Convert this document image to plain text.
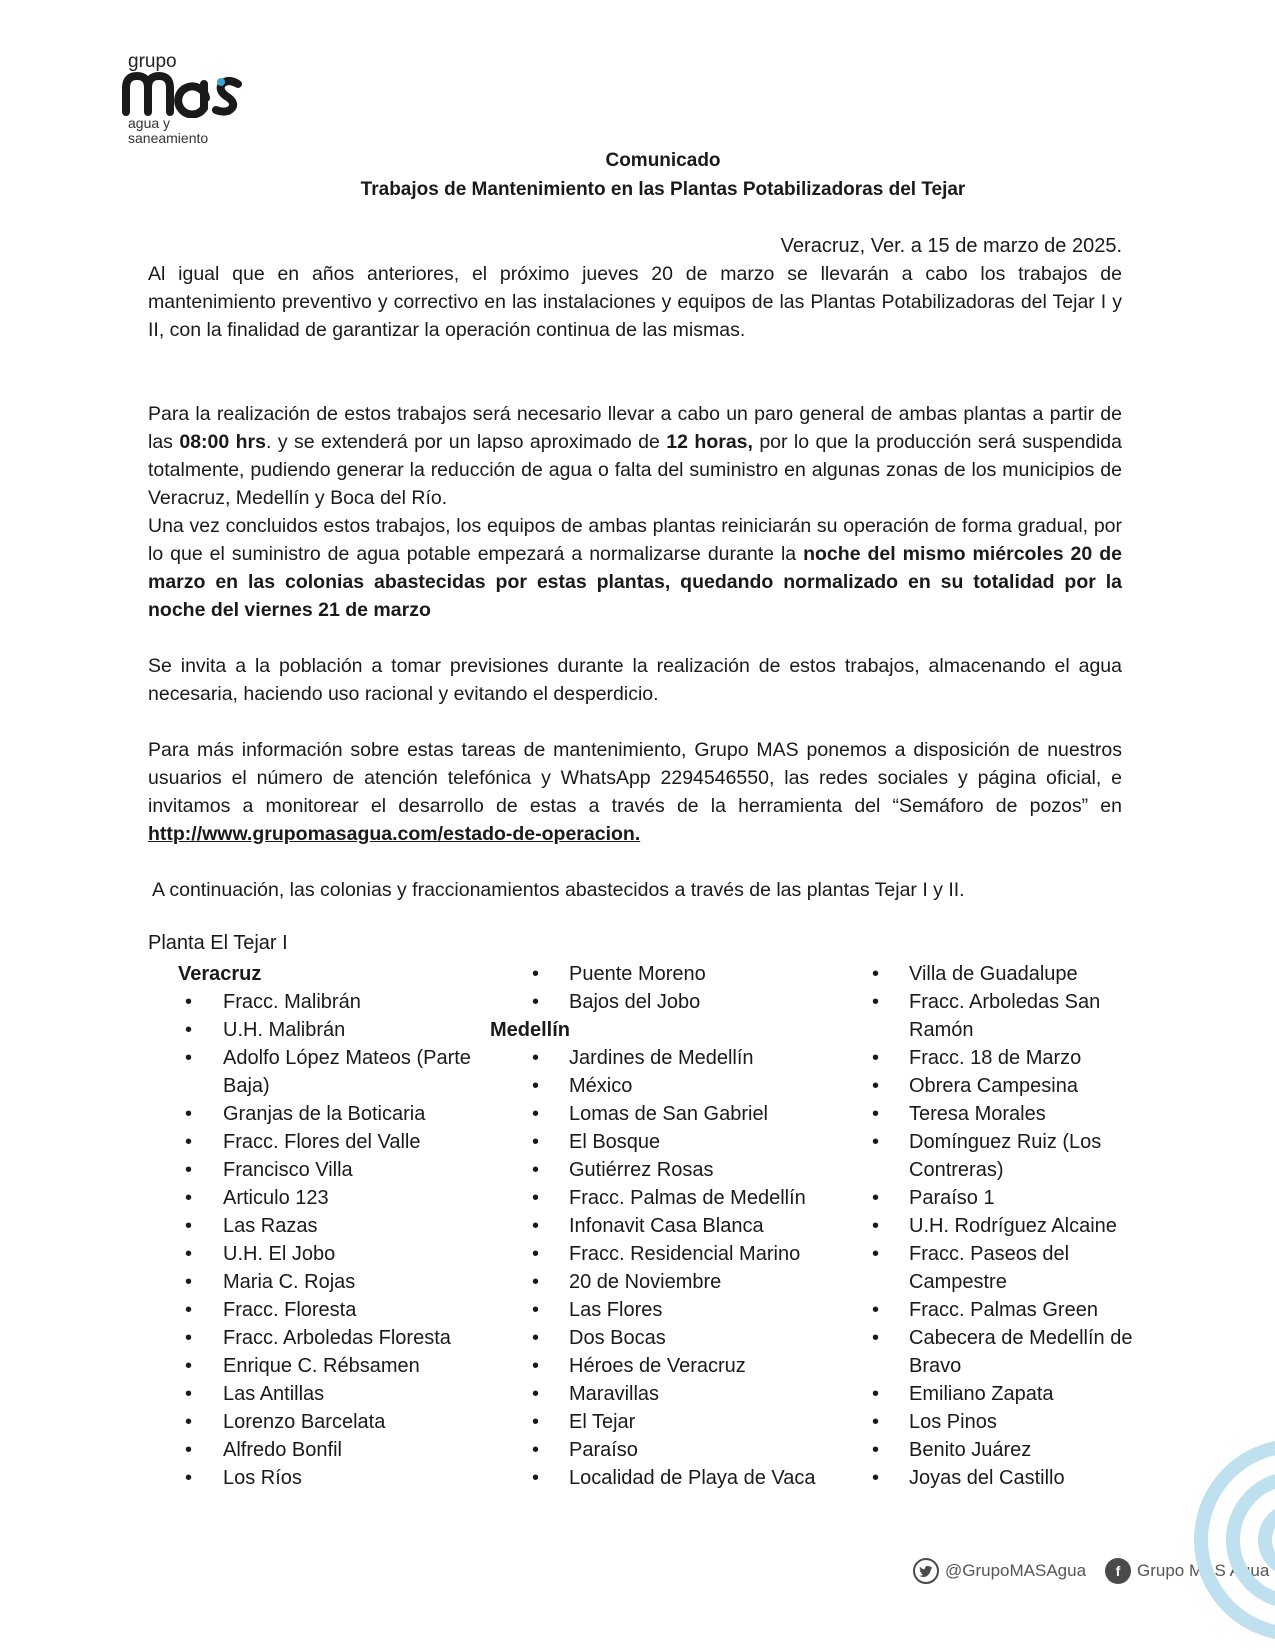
grupo
agua y
saneamiento

Comunicado

Trabajos de Mantenimiento en las Plantas Potabilizadoras del Tejar

Veracruz, Ver. a 15 de marzo de 2025.

Al igual que en años anteriores, el próximo jueves 20 de marzo se llevarán a cabo los trabajos de mantenimiento preventivo y correctivo en las instalaciones y equipos de las Plantas Potabilizadoras del Tejar I y II, con la finalidad de garantizar la operación continua de las mismas.

Para la realización de estos trabajos será necesario llevar a cabo un paro general de ambas plantas a partir de las 08:00 hrs. y se extenderá por un lapso aproximado de 12 horas, por lo que la producción será suspendida totalmente, pudiendo generar la reducción de agua o falta del suministro en algunas zonas de los municipios de Veracruz, Medellín y Boca del Río.

Una vez concluidos estos trabajos, los equipos de ambas plantas reiniciarán su operación de forma gradual, por lo que el suministro de agua potable empezará a normalizarse durante la noche del mismo miércoles 20 de marzo en las colonias abastecidas por estas plantas, quedando normalizado en su totalidad por la noche del viernes 21 de marzo

Se invita a la población a tomar previsiones durante la realización de estos trabajos, almacenando el agua necesaria, haciendo uso racional y evitando el desperdicio.

Para más información sobre estas tareas de mantenimiento, Grupo MAS ponemos a disposición de nuestros usuarios el número de atención telefónica y WhatsApp 2294546550, las redes sociales y página oficial, e invitamos a monitorear el desarrollo de estas a través de la herramienta del “Semáforo de pozos” en http://www.grupomasagua.com/estado-de-operacion.

A continuación, las colonias y fraccionamientos abastecidos a través de las plantas Tejar I y II.

Planta El Tejar I

Veracruz

• Fracc. Malibrán
• U.H. Malibrán
• Adolfo López Mateos (Parte Baja)
• Granjas de la Boticaria
• Fracc. Flores del Valle
• Francisco Villa
• Articulo 123
• Las Razas
• U.H. El Jobo
• Maria C. Rojas
• Fracc. Floresta
• Fracc. Arboledas Floresta
• Enrique C. Rébsamen
• Las Antillas
• Lorenzo Barcelata
• Alfredo Bonfil
• Los Ríos
• Puente Moreno
• Bajos del Jobo

Medellín

• Jardines de Medellín
• México
• Lomas de San Gabriel
• El Bosque
• Gutiérrez Rosas
• Fracc. Palmas de Medellín
• Infonavit Casa Blanca
• Fracc. Residencial Marino
• 20 de Noviembre
• Las Flores
• Dos Bocas
• Héroes de Veracruz
• Maravillas
• El Tejar
• Paraíso
• Localidad de Playa de Vaca
• Villa de Guadalupe
• Fracc. Arboledas San Ramón
• Fracc. 18 de Marzo
• Obrera Campesina
• Teresa Morales
• Domínguez Ruiz (Los Contreras)
• Paraíso 1
• U.H. Rodríguez Alcaine
• Fracc. Paseos del Campestre
• Fracc. Palmas Green
• Cabecera de Medellín de Bravo
• Emiliano Zapata
• Los Pinos
• Benito Juárez
• Joyas del Castillo
@GrupoMASAgua	f Grupo MAS Agua
